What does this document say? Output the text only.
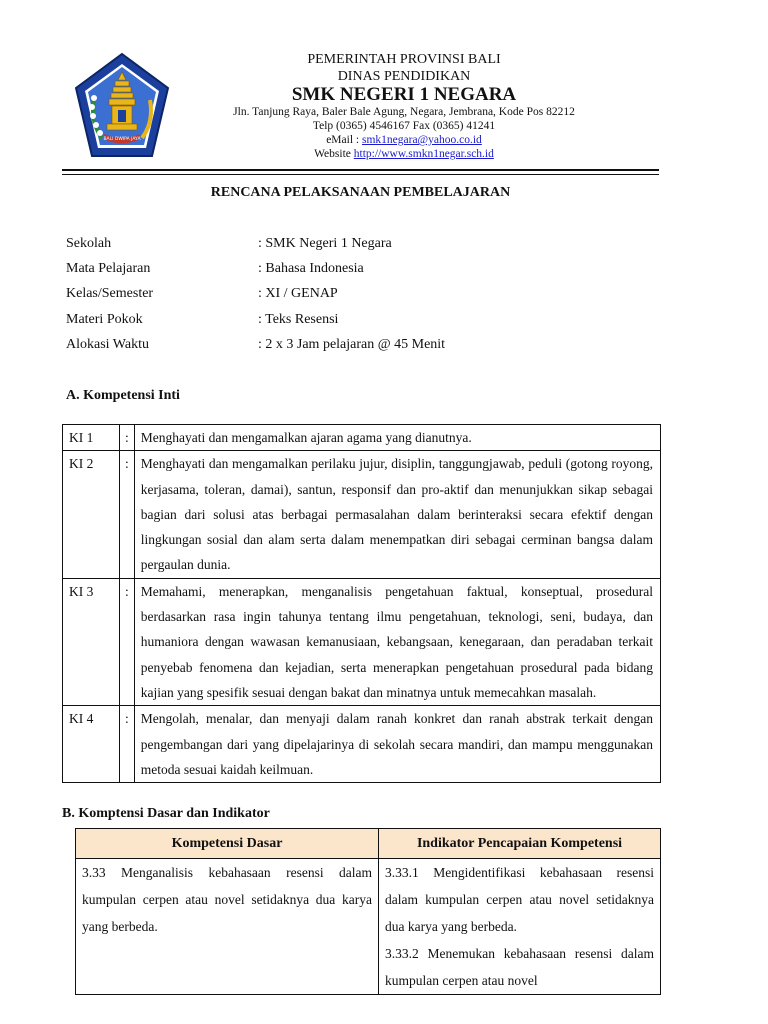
BALI DWIPA JAYA
PEMERINTAH PROVINSI BALI
DINAS PENDIDIKAN
SMK NEGERI 1 NEGARA
Jln. Tanjung Raya, Baler Bale Agung, Negara, Jembrana, Kode Pos 82212
Telp (0365) 4546167 Fax (0365) 41241
eMail : smk1negara@yahoo.co.id
Website http://www.smkn1negar.sch.id
RENCANA PELAKSANAAN PEMBELAJARAN
Sekolah	: SMK Negeri 1 Negara
Mata Pelajaran	: Bahasa Indonesia
Kelas/Semester	: XI / GENAP
Materi Pokok	: Teks Resensi
Alokasi Waktu	: 2 x 3 Jam pelajaran @ 45 Menit
A. Kompetensi Inti
KI 1	:	Menghayati dan mengamalkan ajaran agama yang dianutnya.
KI 2	:	Menghayati dan mengamalkan perilaku jujur, disiplin, tanggungjawab, peduli (gotong royong, kerjasama, toleran, damai), santun, responsif dan pro-aktif dan menunjukkan sikap sebagai bagian dari solusi atas berbagai permasalahan dalam berinteraksi secara efektif dengan lingkungan sosial dan alam serta dalam menempatkan diri sebagai cerminan bangsa dalam pergaulan dunia.
KI 3	:	Memahami, menerapkan, menganalisis pengetahuan faktual, konseptual, prosedural berdasarkan rasa ingin tahunya tentang ilmu pengetahuan, teknologi, seni, budaya, dan humaniora dengan wawasan kemanusiaan, kebangsaan, kenegaraan, dan peradaban terkait penyebab fenomena dan kejadian, serta menerapkan pengetahuan prosedural pada bidang kajian yang spesifik sesuai dengan bakat dan minatnya untuk memecahkan masalah.
KI 4	:	Mengolah, menalar, dan menyaji dalam ranah konkret dan ranah abstrak terkait dengan pengembangan dari yang dipelajarinya di sekolah secara mandiri, dan mampu menggunakan metoda sesuai kaidah keilmuan.
B. Komptensi Dasar dan Indikator
Kompetensi Dasar	Indikator Pencapaian Kompetensi
3.33 Menganalisis kebahasaan resensi dalam kumpulan cerpen atau novel setidaknya dua karya yang berbeda.	3.33.1 Mengidentifikasi kebahasaan resensi dalam kumpulan cerpen atau novel setidaknya dua karya yang berbeda.
3.33.2 Menemukan kebahasaan resensi dalam kumpulan cerpen atau novel
